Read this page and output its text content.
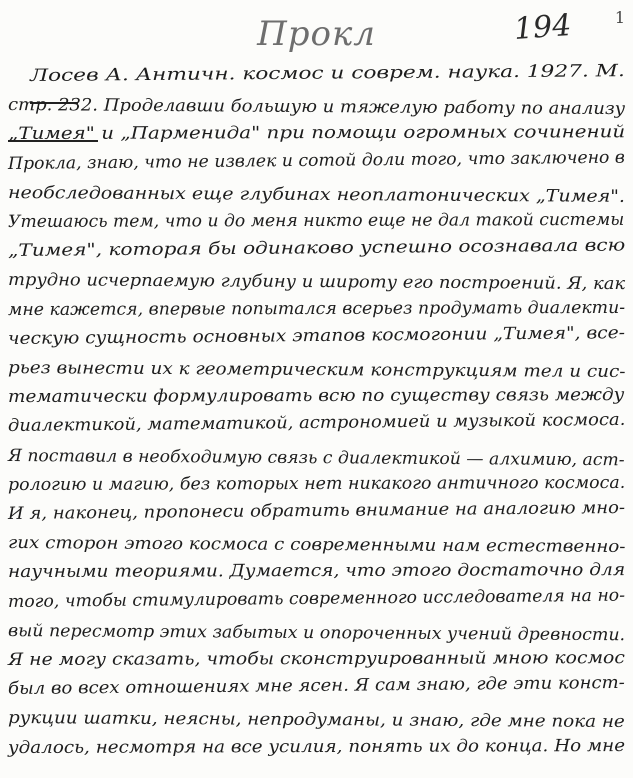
Прокл	194	1
Лосев А. Античн. космос и соврем. наука. 1927. М.
стр. 232. Проделавши большую и тяжелую работу по анализу
„Тимея" и „Парменида" при помощи огромных сочинений
Прокла, знаю, что не извлек и сотой доли того, что заключено в
необследованных еще глубинах неоплатонических „Тимея".
Утешаюсь тем, что и до меня никто еще не дал такой системы
„Тимея", которая бы одинаково успешно осознавала всю
трудно исчерпаемую глубину и широту его построений. Я, как
мне кажется, впервые попытался всерьез продумать диалекти-
ческую сущность основных этапов космогонии „Тимея", все-
рьез вынести их к геометрическим конструкциям тел и сис-
тематически формулировать всю по существу связь между
диалектикой, математикой, астрономией и музыкой космоса.
Я поставил в необходимую связь с диалектикой — алхимию, аст-
рологию и магию, без которых нет никакого античного космоса.
И я, наконец, пропонеси обратить внимание на аналогию мно-
гих сторон этого космоса с современными нам естественно-
научными теориями. Думается, что этого достаточно для
того, чтобы стимулировать современного исследователя на но-
вый пересмотр этих забытых и опороченных учений древности.
Я не могу сказать, чтобы сконструированный мною космос
был во всех отношениях мне ясен. Я сам знаю, где эти конст-
рукции шатки, неясны, непродуманы, и знаю, где мне пока не
удалось, несмотря на все усилия, понять их до конца. Но мне
